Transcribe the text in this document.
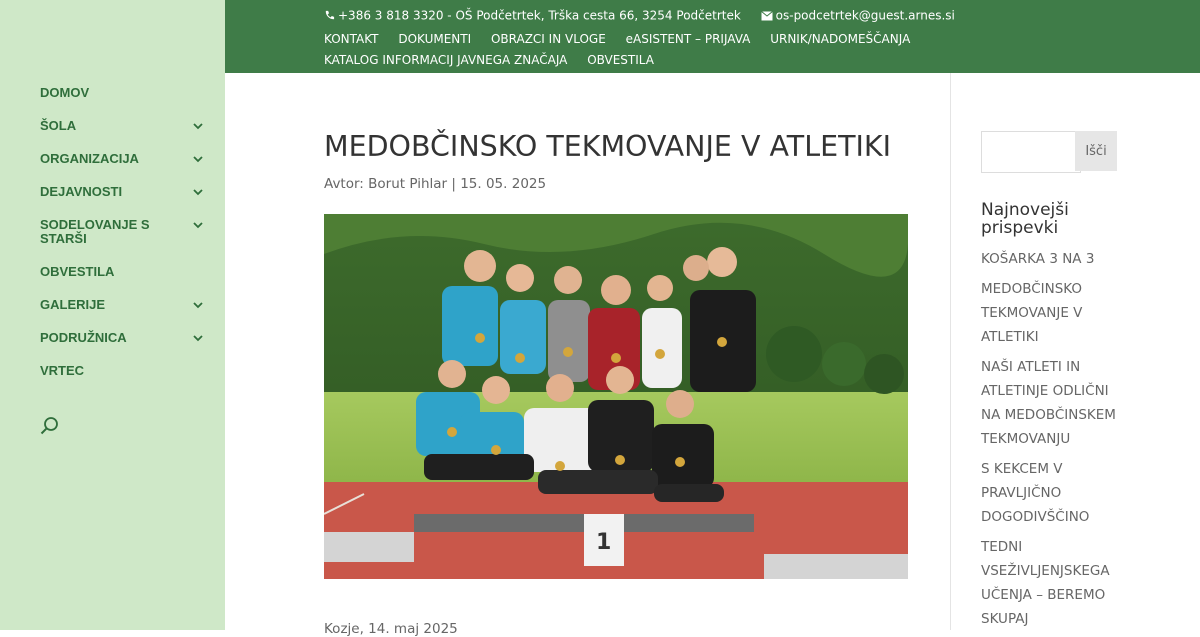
DOMOV
ŠOLA
ORGANIZACIJA
DEJAVNOSTI
SODELOVANJE S STARŠI
OBVESTILA
GALERIJE
PODRUŽNICA
VRTEC
+386 3 818 3320 - OŠ Podčetrtek, Trška cesta 66, 3254 Podčetrtek	os-podcetrtek@guest.arnes.si
KONTAKT DOKUMENTI OBRAZCI IN VLOGE eASISTENT – PRIJAVA URNIK/NADOMEŠČANJA KATALOG INFORMACIJ JAVNEGA ZNAČAJA OBVESTILA
MEDOBČINSKO TEKMOVANJE V ATLETIKI
Avtor: Borut Pihlar | 15. 05. 2025
1
Kozje, 14. maj 2025
Išči
Najnovejši prispevki
KOŠARKA 3 NA 3
MEDOBČINSKO TEKMOVANJE V ATLETIKI
NAŠI ATLETI IN ATLETINJE ODLIČNI NA MEDOBČINSKEM TEKMOVANJU
S KEKCEM V PRAVLJIČNO DOGODIVŠČINO
TEDNI VSEŽIVLJENJSKEGA UČENJA – BEREMO SKUPAJ
